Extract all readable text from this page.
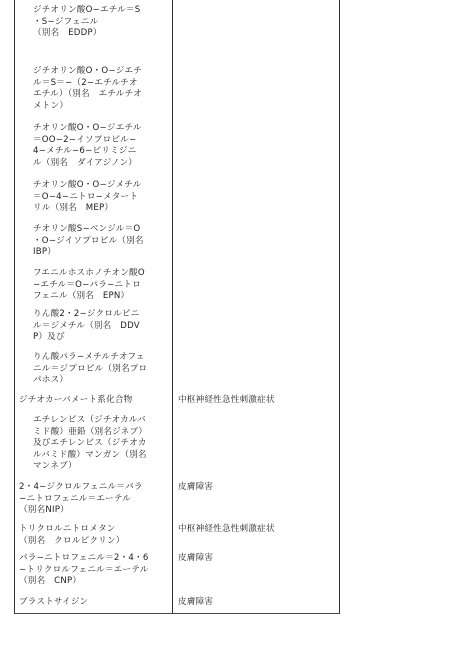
ジチオリン酸O−エチル＝S
・S−ジフェニル
（別名　EDDP）
ジチオリン酸O・O−ジエチ
ル＝S＝−（2−エチルチオ
エチル）（別名　エチルチオ
メトン）
チオリン酸O・O−ジエチル
＝OO−2−イソプロピル−
4−メチル−6−ピリミジニ
ル（別名　ダイアジノン）
チオリン酸O・O−ジメチル
＝O−4−ニトロ−メタート
リル（別名　MEP）
チオリン酸S−ベンジル＝O
・O−ジイソプロピル（別名
IBP）
フエニルホスホノチオン酸O
−エチル＝O−パラ−ニトロ
フェニル（別名　EPN）
りん酸2・2−ジクロルビニ
ル＝ジメチル（別名　DDV
P）及び
りん酸パラ−メチルチオフェ
ニル＝ジプロピル（別名プロ
パホス）
ジチオカーバメート系化合物	中枢神経性急性刺激症状
エチレンビス（ジチオカルバ
ミド酸）亜鉛（別名ジネブ）
及びエチレンビス（ジチオカ
ルバミド酸）マンガン（別名
マンネブ）
2・4−ジクロルフェニル＝パラ
−ニトロフェニル＝エーテル
（別名NIP）
皮膚障害
トリクロルニトロメタン
（別名　クロルピクリン）
中枢神経性急性刺激症状
パラ−ニトロフェニル＝2・4・6
−トリクロルフェニル＝エーテル
（別名　CNP）
皮膚障害
ブラストサイジン	皮膚障害
